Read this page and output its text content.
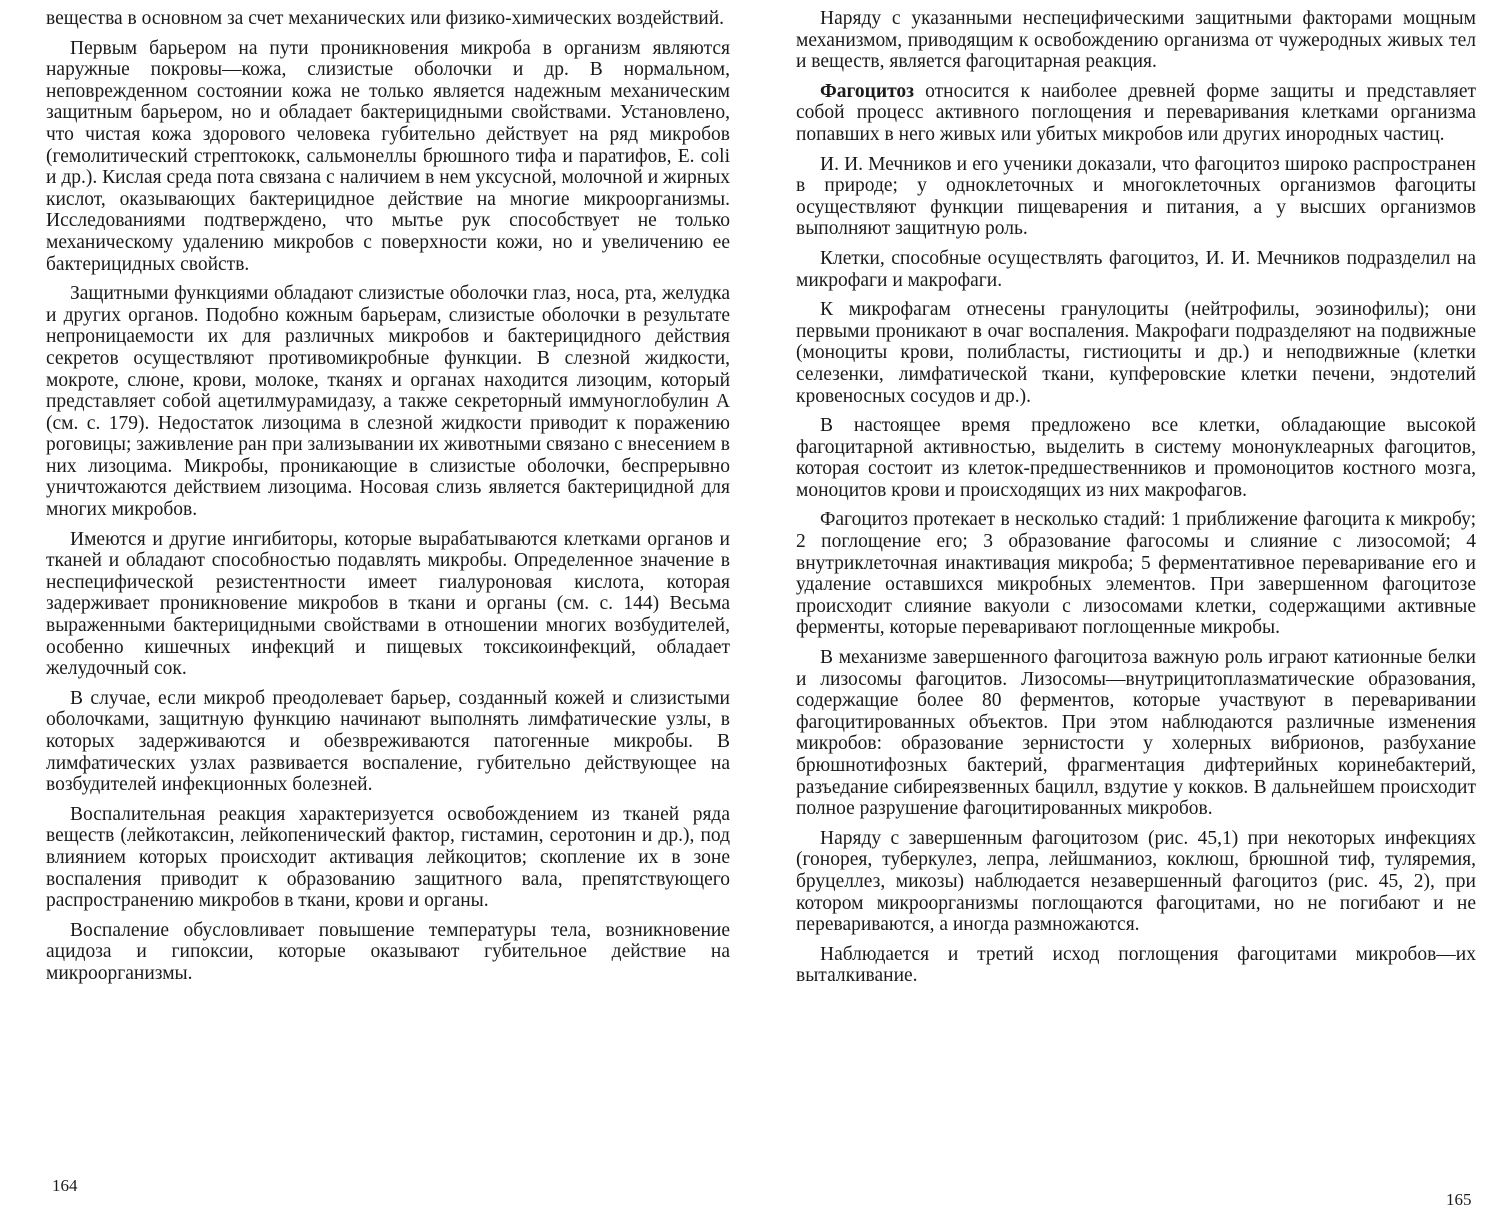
вещества в основном за счет механических или физико-химических воздействий.

Первым барьером на пути проникновения микроба в организм являются наружные покровы—кожа, слизистые оболочки и др. В нормальном, неповрежденном состоянии кожа не только является надежным механическим защитным барьером, но и обладает бактерицидными свойствами. Установлено, что чистая кожа здорового человека губительно действует на ряд микробов (гемолитический стрептококк, сальмонеллы брюшного тифа и паратифов, E. coli и др.). Кислая среда пота связана с наличием в нем уксусной, молочной и жирных кислот, оказывающих бактерицидное действие на многие микроорганизмы. Исследованиями подтверждено, что мытье рук способствует не только механическому удалению микробов с поверхности кожи, но и увеличению ее бактерицидных свойств.

Защитными функциями обладают слизистые оболочки глаз, носа, рта, желудка и других органов. Подобно кожным барьерам, слизистые оболочки в результате непроницаемости их для различных микробов и бактерицидного действия секретов осуществляют противомикробные функции. В слезной жидкости, мокроте, слюне, крови, молоке, тканях и органах находится лизоцим, который представляет собой ацетилмурамидазу, а также секреторный иммуноглобулин А (см. с. 179). Недостаток лизоцима в слезной жидкости приводит к поражению роговицы; заживление ран при зализывании их животными связано с внесением в них лизоцима. Микробы, проникающие в слизистые оболочки, беспрерывно уничтожаются действием лизоцима. Носовая слизь является бактерицидной для многих микробов.

Имеются и другие ингибиторы, которые вырабатываются клетками органов и тканей и обладают способностью подавлять микробы. Определенное значение в неспецифической резистентности имеет гиалуроновая кислота, которая задерживает проникновение микробов в ткани и органы (см. с. 144) Весьма выраженными бактерицидными свойствами в отношении многих возбудителей, особенно кишечных инфекций и пищевых токсикоинфекций, обладает желудочный сок.

В случае, если микроб преодолевает барьер, созданный кожей и слизистыми оболочками, защитную функцию начинают выполнять лимфатические узлы, в которых задерживаются и обезвреживаются патогенные микробы. В лимфатических узлах развивается воспаление, губительно действующее на возбудителей инфекционных болезней.

Воспалительная реакция характеризуется освобождением из тканей ряда веществ (лейкотаксин, лейкопенический фактор, гистамин, серотонин и др.), под влиянием которых происходит активация лейкоцитов; скопление их в зоне воспаления приводит к образованию защитного вала, препятствующего распространению микробов в ткани, крови и органы.

Воспаление обусловливает повышение температуры тела, возникновение ацидоза и гипоксии, которые оказывают губительное действие на микроорганизмы.

164

Наряду с указанными неспецифическими защитными факторами мощным механизмом, приводящим к освобождению организма от чужеродных живых тел и веществ, является фагоцитарная реакция.

Фагоцитоз относится к наиболее древней форме защиты и представляет собой процесс активного поглощения и переваривания клетками организма попавших в него живых или убитых микробов или других инородных частиц.

И. И. Мечников и его ученики доказали, что фагоцитоз широко распространен в природе; у одноклеточных и многоклеточных организмов фагоциты осуществляют функции пищеварения и питания, а у высших организмов выполняют защитную роль.

Клетки, способные осуществлять фагоцитоз, И. И. Мечников подразделил на микрофаги и макрофаги.

К микрофагам отнесены гранулоциты (нейтрофилы, эозинофилы); они первыми проникают в очаг воспаления. Макрофаги подразделяют на подвижные (моноциты крови, полибласты, гистиоциты и др.) и неподвижные (клетки селезенки, лимфатической ткани, купферовские клетки печени, эндотелий кровеносных сосудов и др.).

В настоящее время предложено все клетки, обладающие высокой фагоцитарной активностью, выделить в систему мононуклеарных фагоцитов, которая состоит из клеток-предшественников и промоноцитов костного мозга, моноцитов крови и происходящих из них макрофагов.

Фагоцитоз протекает в несколько стадий: 1 приближение фагоцита к микробу; 2 поглощение его; 3 образование фагосомы и слияние с лизосомой; 4 внутриклеточная инактивация микроба; 5 ферментативное переваривание его и удаление оставшихся микробных элементов. При завершенном фагоцитозе происходит слияние вакуоли с лизосомами клетки, содержащими активные ферменты, которые переваривают поглощенные микробы.

В механизме завершенного фагоцитоза важную роль играют катионные белки и лизосомы фагоцитов. Лизосомы—внутрицитоплазматические образования, содержащие более 80 ферментов, которые участвуют в переваривании фагоцитированных объектов. При этом наблюдаются различные изменения микробов: образование зернистости у холерных вибрионов, разбухание брюшнотифозных бактерий, фрагментация дифтерийных коринебактерий, разъедание сибиреязвенных бацилл, вздутие у кокков. В дальнейшем происходит полное разрушение фагоцитированных микробов.

Наряду с завершенным фагоцитозом (рис. 45,1) при некоторых инфекциях (гонорея, туберкулез, лепра, лейшманиоз, коклюш, брюшной тиф, туляремия, бруцеллез, микозы) наблюдается незавершенный фагоцитоз (рис. 45, 2), при котором микроорганизмы поглощаются фагоцитами, но не погибают и не перевариваются, а иногда размножаются.

Наблюдается и третий исход поглощения фагоцитами микробов—их выталкивание.

165
